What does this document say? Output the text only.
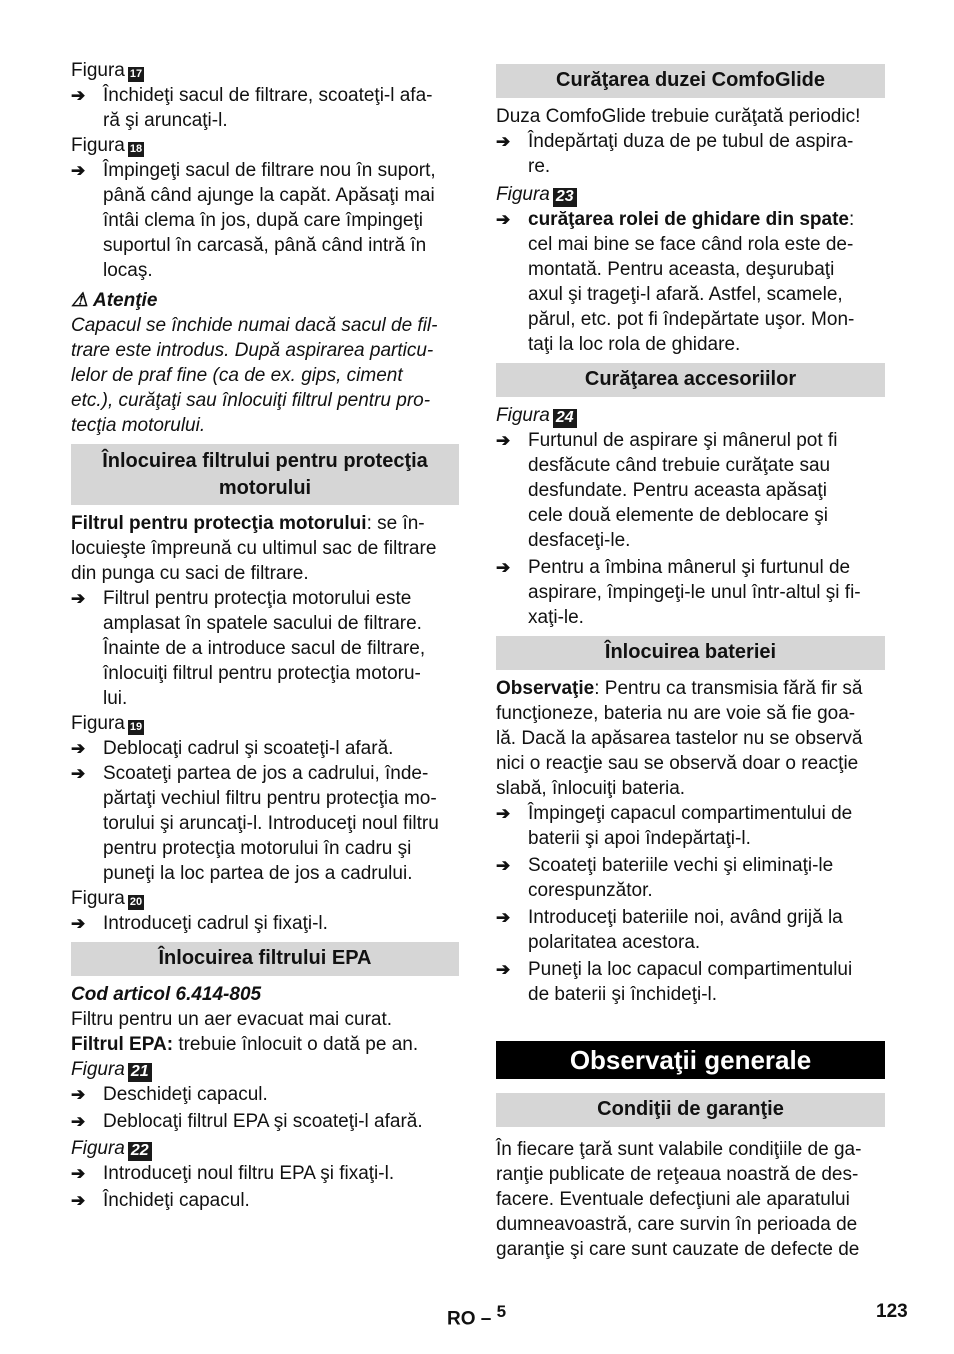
Figura 17

➔ Închideţi sacul de filtrare, scoateţi-l afa-
ră şi aruncaţi-l.

Figura 18

➔ Împingeţi sacul de filtrare nou în suport,
până când ajunge la capăt. Apăsaţi mai
întâi clema în jos, după care împingeţi
suportul în carcasă, până când intră în
locaş.

⚠ Atenţie

Capacul se închide numai dacă sacul de fil-
trare este introdus. După aspirarea particu-
lelor de praf fine (ca de ex. gips, ciment
etc.), curăţaţi sau înlocuiţi filtrul pentru pro-
tecţia motorului.
Înlocuirea filtrului pentru protecţia
motorului
Filtrul pentru protecţia motorului: se în-
locuieşte împreună cu ultimul sac de filtrare
din punga cu saci de filtrare.
➔ Filtrul pentru protecţia motorului este
amplasat în spatele sacului de filtrare.
Înainte de a introduce sacul de filtrare,
înlocuiţi filtrul pentru protecţia motoru-
lui.

Figura 19

➔ Deblocaţi cadrul şi scoateţi-l afară.
➔ Scoateţi partea de jos a cadrului, înde-
părtaţi vechiul filtru pentru protecţia mo-
torului şi aruncaţi-l. Introduceţi noul filtru
pentru protecţia motorului în cadru şi
puneţi la loc partea de jos a cadrului.

Figura 20

➔ Introduceţi cadrul şi fixaţi-l.
Înlocuirea filtrului EPA

Cod articol 6.414-805

Filtru pentru un aer evacuat mai curat.

Filtrul EPA: trebuie înlocuit o dată pe an.

Figura 21

➔ Deschideţi capacul.
➔ Deblocaţi filtrul EPA şi scoateţi-l afară.

Figura 22

➔ Introduceţi noul filtru EPA şi fixaţi-l.
➔ Închideţi capacul.
Curăţarea duzei ComfoGlide

Duza ComfoGlide trebuie curăţată periodic!

➔ Îndepărtaţi duza de pe tubul de aspira-
re.

Figura 23

➔ curăţarea rolei de ghidare din spate:
cel mai bine se face când rola este de-
montată. Pentru aceasta, deşurubaţi
axul şi trageţi-l afară. Astfel, scamele,
părul, etc. pot fi îndepărtate uşor. Mon-
taţi la loc rola de ghidare.
Curăţarea accesoriilor

Figura 24

➔ Furtunul de aspirare şi mânerul pot fi
desfăcute când trebuie curăţate sau
desfundate. Pentru aceasta apăsaţi
cele două elemente de deblocare şi
desfaceţi-le.
➔ Pentru a îmbina mânerul şi furtunul de
aspirare, împingeţi-le unul într-altul şi fi-
xaţi-le.
Înlocuirea bateriei
Observaţie: Pentru ca transmisia fără fir să
funcţioneze, bateria nu are voie să fie goa-
lă. Dacă la apăsarea tastelor nu se observă
nici o reacţie sau se observă doar o reacţie
slabă, înlocuiţi bateria.
➔ Împingeţi capacul compartimentului de
baterii şi apoi îndepărtaţi-l.
➔ Scoateţi bateriile vechi şi eliminaţi-le
corespunzător.
➔ Introduceţi bateriile noi, având grijă la
polaritatea acestora.
➔ Puneţi la loc capacul compartimentului
de baterii şi închideţi-l.
Observaţii generale
Condiţii de garanţie
În fiecare ţară sunt valabile condiţiile de ga-
ranţie publicate de reţeaua noastră de des-
facere. Eventuale defecţiuni ale aparatului
dumneavoastră, care survin în perioada de
garanţie şi care sunt cauzate de defecte de
RO – $^5$	123
